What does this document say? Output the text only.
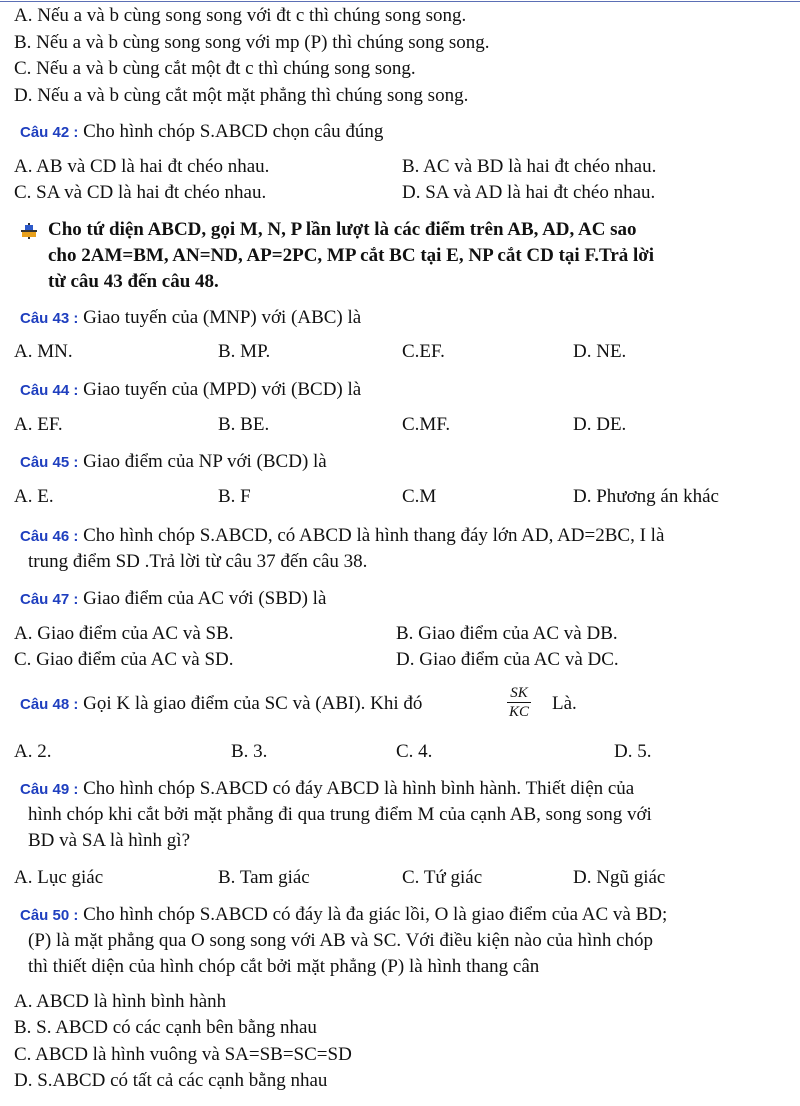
A. Nếu a và b cùng song song với đt c thì chúng song song.
B. Nếu a và b cùng song song với mp (P) thì chúng song song.
C. Nếu a và b cùng cắt một đt c thì chúng song song.
D. Nếu a và b cùng cắt một mặt phẳng thì chúng song song.
Câu 42 : Cho hình chóp S.ABCD chọn câu đúng
A. AB và CD là hai đt chéo nhau.	B. AC và BD là hai đt chéo nhau.
C. SA và CD là hai đt chéo nhau.	D. SA và AD là hai đt chéo nhau.
Cho tứ diện ABCD, gọi M, N, P lần lượt là các điểm trên AB, AD, AC sao
cho 2AM=BM, AN=ND, AP=2PC, MP cắt BC tại E, NP cắt CD tại F.Trả lời
từ câu 43 đến câu 48.
Câu 43 : Giao tuyến của (MNP) với (ABC) là
A. MN.	B. MP.	C.EF.	D. NE.
Câu 44 : Giao tuyến của (MPD) với (BCD) là
A. EF.	B. BE.	C.MF.	D. DE.
Câu 45 : Giao điểm của NP với (BCD) là
A. E.	B. F	C.M	D. Phương án khác
Câu 46 : Cho hình chóp S.ABCD, có ABCD là hình thang đáy lớn AD, AD=2BC, I là
trung điểm SD .Trả lời từ câu 37 đến câu 38.
Câu 47 : Giao điểm của AC với (SBD) là
A. Giao điểm của AC và SB.	B. Giao điểm của AC và DB.
C. Giao điểm của AC và SD.	D. Giao điểm của AC và DC.
Câu 48 : Gọi K là giao điểm của SC và (ABI). Khi đó	$\frac{SK}{KC}$ Là.
A. 2.	B. 3.	C. 4.	D. 5.
Câu 49 : Cho hình chóp S.ABCD có đáy ABCD là hình bình hành. Thiết diện của
hình chóp khi cắt bởi mặt phẳng đi qua trung điểm M của cạnh AB, song song với
BD và SA là hình gì?
A. Lục giác	B. Tam giác	C. Tứ giác	D. Ngũ giác
Câu 50 : Cho hình chóp S.ABCD có đáy là đa giác lồi, O là giao điểm của AC và BD;
(P) là mặt phẳng qua O song song với AB và SC. Với điều kiện nào của hình chóp
thì thiết diện của hình chóp cắt bởi mặt phẳng (P) là hình thang cân
A. ABCD là hình bình hành
B. S. ABCD có các cạnh bên bằng nhau
C. ABCD là hình vuông và SA=SB=SC=SD
D. S.ABCD có tất cả các cạnh bằng nhau
